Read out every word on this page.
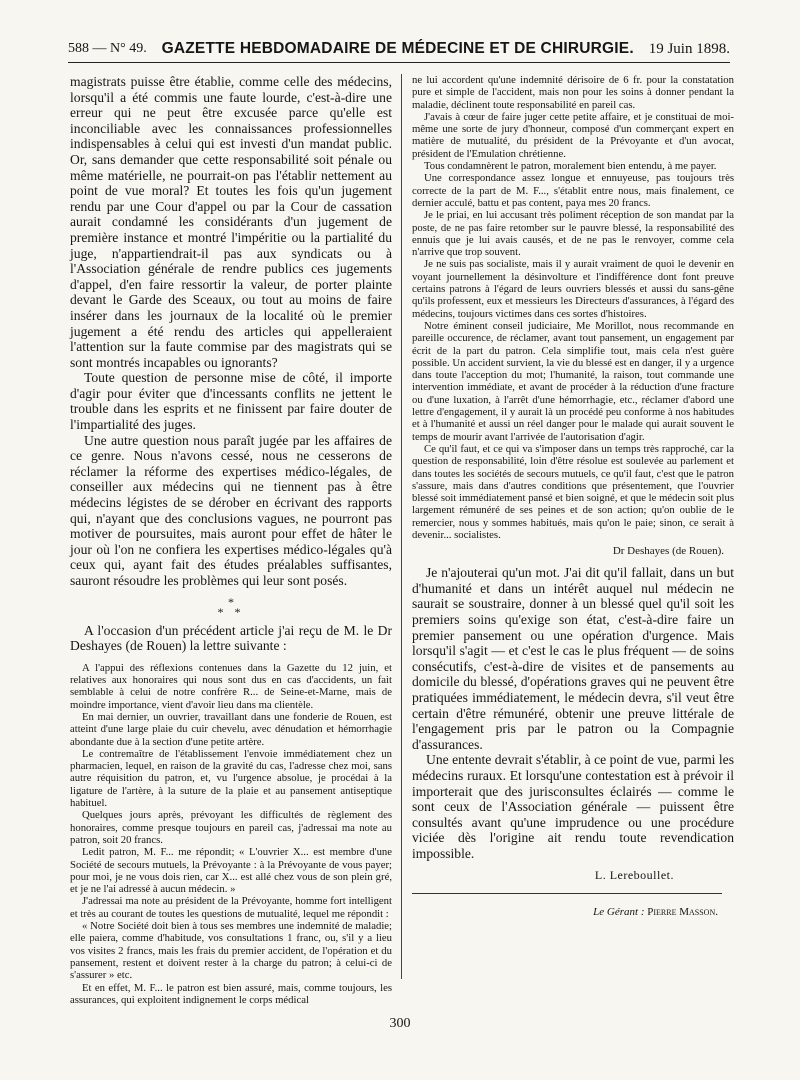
588 — N° 49. GAZETTE HEBDOMADAIRE DE MÉDECINE ET DE CHIRURGIE. 19 Juin 1898.

magistrats puisse être établie, comme celle des médecins, lorsqu'il a été commis une faute lourde, c'est-à-dire une erreur qui ne peut être excusée parce qu'elle est inconciliable avec les connaissances professionnelles indispensables à celui qui est investi d'un mandat public. Or, sans demander que cette responsabilité soit pénale ou même matérielle, ne pourrait-on pas l'établir nettement au point de vue moral? Et toutes les fois qu'un jugement rendu par une Cour d'appel ou par la Cour de cassation aurait condamné les considérants d'un jugement de première instance et montré l'impéritie ou la partialité du juge, n'appartiendrait-il pas aux syndicats ou à l'Association générale de rendre publics ces jugements d'appel, d'en faire ressortir la valeur, de porter plainte devant le Garde des Sceaux, ou tout au moins de faire insérer dans les journaux de la localité où le premier jugement a été rendu des articles qui appelleraient l'attention sur la faute commise par des magistrats qui se sont montrés incapables ou ignorants?

Toute question de personne mise de côté, il importe d'agir pour éviter que d'incessants conflits ne jettent le trouble dans les esprits et ne finissent par faire douter de l'impartialité des juges.

Une autre question nous paraît jugée par les affaires de ce genre. Nous n'avons cessé, nous ne cesserons de réclamer la réforme des expertises médico-légales, de conseiller aux médecins qui ne tiennent pas à être médecins légistes de se dérober en écrivant des rapports qui, n'ayant que des conclusions vagues, ne pourront pas motiver de poursuites, mais auront pour effet de hâter le jour où l'on ne confiera les expertises médico-légales qu'à ceux qui, ayant fait des études préalables suffisantes, sauront résoudre les problèmes qui leur sont posés.

*
* *

A l'occasion d'un précédent article j'ai reçu de M. le Dr Deshayes (de Rouen) la lettre suivante :

A l'appui des réflexions contenues dans la Gazette du 12 juin, et relatives aux honoraires qui nous sont dus en cas d'accidents, un fait semblable à celui de notre confrère R... de Seine-et-Marne, mais de moindre importance, vient d'avoir lieu dans ma clientèle.

En mai dernier, un ouvrier, travaillant dans une fonderie de Rouen, est atteint d'une large plaie du cuir chevelu, avec dénudation et hémorrhagie abondante due à la section d'une petite artère.

Le contremaître de l'établissement l'envoie immédiatement chez un pharmacien, lequel, en raison de la gravité du cas, l'adresse chez moi, sans autre réquisition du patron, et, vu l'urgence absolue, je procédai à la ligature de l'artère, à la suture de la plaie et au pansement antiseptique habituel.

Quelques jours après, prévoyant les difficultés de règlement des honoraires, comme presque toujours en pareil cas, j'adressai ma note au patron, soit 20 francs.

Ledit patron, M. F... me répondit; « L'ouvrier X... est membre d'une Société de secours mutuels, la Prévoyante : à la Prévoyante de vous payer; pour moi, je ne vous dois rien, car X... est allé chez vous de son plein gré, et je ne l'ai adressé à aucun médecin. »

J'adressai ma note au président de la Prévoyante, homme fort intelligent et très au courant de toutes les questions de mutualité, lequel me répondit :

« Notre Société doit bien à tous ses membres une indemnité de maladie; elle paiera, comme d'habitude, vos consultations 1 franc, ou, s'il y a lieu vos visites 2 francs, mais les frais du premier accident, de l'opération et du pansement, restent et doivent rester à la charge du patron; à celui-ci de s'assurer » etc.

Et en effet, M. F... le patron est bien assuré, mais, comme toujours, les assurances, qui exploitent indignement le corps médical

ne lui accordent qu'une indemnité dérisoire de 6 fr. pour la constatation pure et simple de l'accident, mais non pour les soins à donner pendant la maladie, déclinent toute responsabilité en pareil cas.

J'avais à cœur de faire juger cette petite affaire, et je constituai de moi-même une sorte de jury d'honneur, composé d'un commerçant expert en matière de mutualité, du président de la Prévoyante et d'un avocat, président de l'Emulation chrétienne.

Tous condamnèrent le patron, moralement bien entendu, à me payer.

Une correspondance assez longue et ennuyeuse, pas toujours très correcte de la part de M. F..., s'établit entre nous, mais finalement, ce dernier acculé, battu et pas content, paya mes 20 francs.

Je le priai, en lui accusant très poliment réception de son mandat par la poste, de ne pas faire retomber sur le pauvre blessé, la responsabilité des ennuis que je lui avais causés, et de ne pas le renvoyer, comme cela n'arrive que trop souvent.

Je ne suis pas socialiste, mais il y aurait vraiment de quoi le devenir en voyant journellement la désinvolture et l'indifférence dont font preuve certains patrons à l'égard de leurs ouvriers blessés et aussi du sans-gêne qu'ils professent, eux et messieurs les Directeurs d'assurances, à l'égard des médecins, toujours victimes dans ces sortes d'histoires.

Notre éminent conseil judiciaire, Me Morillot, nous recommande en pareille occurence, de réclamer, avant tout pansement, un engagement par écrit de la part du patron. Cela simplifie tout, mais cela n'est guère possible. Un accident survient, la vie du blessé est en danger, il y a urgence dans toute l'acception du mot; l'humanité, la raison, tout commande une intervention immédiate, et avant de procéder à la réduction d'une fracture ou d'une luxation, à l'arrêt d'une hémorrhagie, etc., réclamer d'abord une lettre d'engagement, il y aurait là un procédé peu conforme à nos habitudes et à l'humanité et aussi un réel danger pour le malade qui aurait souvent le temps de mourir avant l'arrivée de l'autorisation d'agir.

Ce qu'il faut, et ce qui va s'imposer dans un temps très rapproché, car la question de responsabilité, loin d'être résolue est soulevée au parlement et dans toutes les sociétés de secours mutuels, ce qu'il faut, c'est que le patron s'assure, mais dans d'autres conditions que présentement, que l'ouvrier blessé soit immédiatement pansé et bien soigné, et que le médecin soit plus largement rémunéré de ses peines et de son action; qu'on oublie de le remercier, nous y sommes habitués, mais qu'on le paie; sinon, ce serait à devenir... socialistes.

Dr Deshayes (de Rouen).

Je n'ajouterai qu'un mot. J'ai dit qu'il fallait, dans un but d'humanité et dans un intérêt auquel nul médecin ne saurait se soustraire, donner à un blessé quel qu'il soit les premiers soins qu'exige son état, c'est-à-dire faire un premier pansement ou une opération d'urgence. Mais lorsqu'il s'agit — et c'est le cas le plus fréquent — de soins consécutifs, c'est-à-dire de visites et de pansements au domicile du blessé, d'opérations graves qui ne peuvent être pratiquées immédiatement, le médecin devra, s'il veut être certain d'être rémunéré, obtenir une preuve littérale de l'engagement pris par le patron ou la Compagnie d'assurances.

Une entente devrait s'établir, à ce point de vue, parmi les médecins ruraux. Et lorsqu'une contestation est à prévoir il importerait que des jurisconsultes éclairés — comme le sont ceux de l'Association générale — puissent être consultés avant qu'une imprudence ou une procédure viciée dès l'origine ait rendu toute revendication impossible.

L. Lereboullet.
Le Gérant : Pierre Masson.
300
